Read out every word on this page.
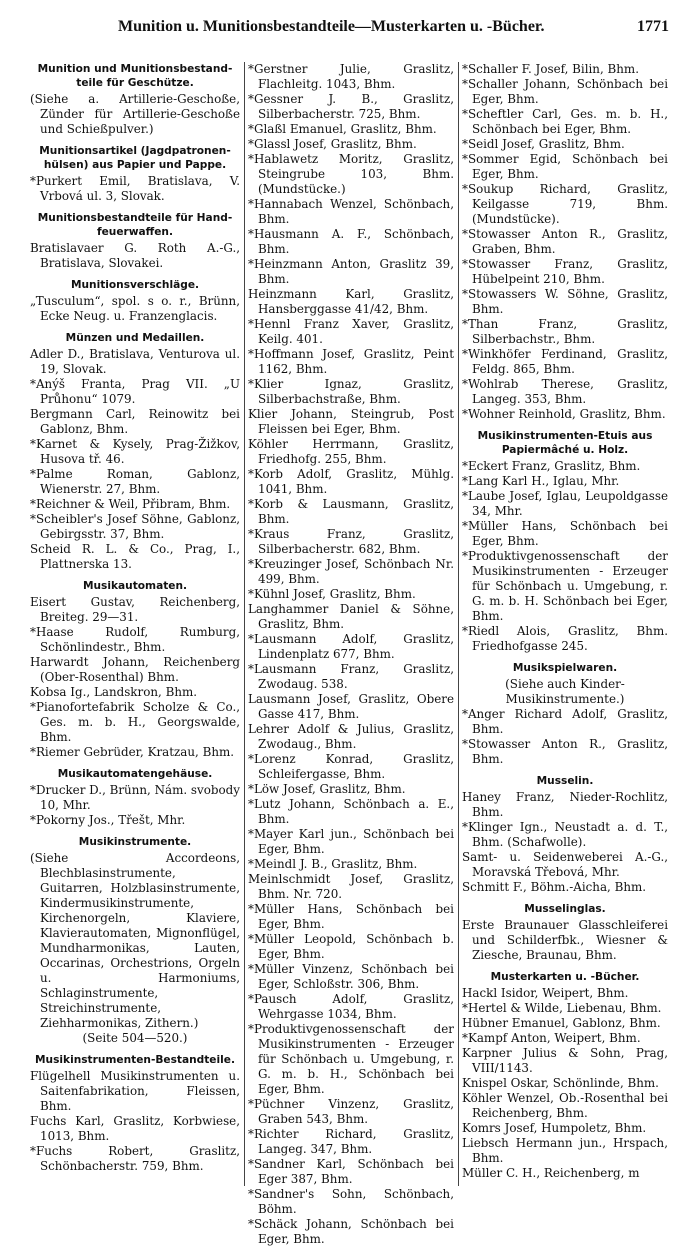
Munition u. Munitionsbestandteile—Musterkarten u. -Bücher.	1771

Munition und Munitionsbestand-
teile für Geschütze.

(Siehe a. Artillerie-Geschoße, Zünder für Artillerie-Geschoße und Schießpulver.)

Munitionsartikel (Jagdpatronen-
hülsen) aus Papier und Pappe.

*Purkert Emil, Bratislava, V. Vrbová ul. 3, Slovak.

Munitionsbestandteile für Hand-
feuerwaffen.

Bratislavaer G. Roth A.-G., Bratislava, Slovakei.

Munitionsverschläge.

„Tusculum“, spol. s o. r., Brünn, Ecke Neug. u. Franzenglacis.

Münzen und Medaillen.

Adler D., Bratislava, Venturova ul. 19, Slovak.

*Anýš Franta, Prag VII. „U Průhonu“ 1079.

Bergmann Carl, Reinowitz bei Gablonz, Bhm.

*Karnet & Kysely, Prag-Žižkov, Husova tř. 46.

*Palme Roman, Gablonz, Wienerstr. 27, Bhm.

*Reichner & Weil, Přibram, Bhm.

*Scheibler's Josef Söhne, Gablonz, Gebirgsstr. 37, Bhm.

Scheid R. L. & Co., Prag, I., Plattnerska 13.

Musikautomaten.

Eisert Gustav, Reichenberg, Breiteg. 29—31.

*Haase Rudolf, Rumburg, Schönlindestr., Bhm.

Harwardt Johann, Reichenberg (Ober-Rosenthal) Bhm.

Kobsa Ig., Landskron, Bhm.

*Pianofortefabrik Scholze & Co., Ges. m. b. H., Georgswalde, Bhm.

*Riemer Gebrüder, Kratzau, Bhm.

Musikautomatengehäuse.

*Drucker D., Brünn, Nám. svobody 10, Mhr.

*Pokorny Jos., Třešt, Mhr.

Musikinstrumente.

(Siehe Accordeons, Blechblasinstrumente, Guitarren, Holzblasinstrumente, Kindermusikinstrumente, Kirchenorgeln, Klaviere, Klavierautomaten, Mignonflügel, Mundharmonikas, Lauten, Occarinas, Orchestrions, Orgeln u. Harmoniums, Schlaginstrumente, Streichinstrumente, Ziehharmonikas, Zithern.)

(Seite 504—520.)

Musikinstrumenten-Bestandteile.

Flügelhell Musikinstrumenten u. Saitenfabrikation, Fleissen, Bhm.

Fuchs Karl, Graslitz, Korbwiese, 1013, Bhm.

*Fuchs Robert, Graslitz, Schönbacherstr. 759, Bhm.

*Gerstner Julie, Graslitz, Flachleitg. 1043, Bhm.

*Gessner J. B., Graslitz, Silberbacherstr. 725, Bhm.

*Glaßl Emanuel, Graslitz, Bhm.

*Glassl Josef, Graslitz, Bhm.

*Hablawetz Moritz, Graslitz, Steingrube 103, Bhm. (Mundstücke.)

*Hannabach Wenzel, Schönbach, Bhm.

*Hausmann A. F., Schönbach, Bhm.

*Heinzmann Anton, Graslitz 39, Bhm.

Heinzmann Karl, Graslitz, Hansberggasse 41/42, Bhm.

*Hennl Franz Xaver, Graslitz, Keilg. 401.

*Hoffmann Josef, Graslitz, Peint 1162, Bhm.

*Klier Ignaz, Graslitz, Silberbachstraße, Bhm.

Klier Johann, Steingrub, Post Fleissen bei Eger, Bhm.

Köhler Herrmann, Graslitz, Friedhofg. 255, Bhm.

*Korb Adolf, Graslitz, Mühlg. 1041, Bhm.

*Korb & Lausmann, Graslitz, Bhm.

*Kraus Franz, Graslitz, Silberbacherstr. 682, Bhm.

*Kreuzinger Josef, Schönbach Nr. 499, Bhm.

*Kühnl Josef, Graslitz, Bhm.

Langhammer Daniel & Söhne, Graslitz, Bhm.

*Lausmann Adolf, Graslitz, Lindenplatz 677, Bhm.

*Lausmann Franz, Graslitz, Zwodaug. 538.

Lausmann Josef, Graslitz, Obere Gasse 417, Bhm.

Lehrer Adolf & Julius, Graslitz, Zwodaug., Bhm.

*Lorenz Konrad, Graslitz, Schleifergasse, Bhm.

*Löw Josef, Graslitz, Bhm.

*Lutz Johann, Schönbach a. E., Bhm.

*Mayer Karl jun., Schönbach bei Eger, Bhm.

*Meindl J. B., Graslitz, Bhm.

Meinlschmidt Josef, Graslitz, Bhm. Nr. 720.

*Müller Hans, Schönbach bei Eger, Bhm.

*Müller Leopold, Schönbach b. Eger, Bhm.

*Müller Vinzenz, Schönbach bei Eger, Schloßstr. 306, Bhm.

*Pausch Adolf, Graslitz, Wehrgasse 1034, Bhm.

*Produktivgenossenschaft der Musikinstrumenten - Erzeuger für Schönbach u. Umgebung, r. G. m. b. H., Schönbach bei Eger, Bhm.

*Püchner Vinzenz, Graslitz, Graben 543, Bhm.

*Richter Richard, Graslitz, Langeg. 347, Bhm.

*Sandner Karl, Schönbach bei Eger 387, Bhm.

*Sandner's Sohn, Schönbach, Böhm.

*Schäck Johann, Schönbach bei Eger, Bhm.

*Schaller F. Josef, Bilin, Bhm.

*Schaller Johann, Schönbach bei Eger, Bhm.

*Scheftler Carl, Ges. m. b. H., Schönbach bei Eger, Bhm.

*Seidl Josef, Graslitz, Bhm.

*Sommer Egid, Schönbach bei Eger, Bhm.

*Soukup Richard, Graslitz, Keilgasse 719, Bhm. (Mundstücke).

*Stowasser Anton R., Graslitz, Graben, Bhm.

*Stowasser Franz, Graslitz, Hübelpeint 210, Bhm.

*Stowassers W. Söhne, Graslitz, Bhm.

*Than Franz, Graslitz, Silberbachstr., Bhm.

*Winkhöfer Ferdinand, Graslitz, Feldg. 865, Bhm.

*Wohlrab Therese, Graslitz, Langeg. 353, Bhm.

*Wohner Reinhold, Graslitz, Bhm.

Musikinstrumenten-Etuis aus
Papiermâché u. Holz.

*Eckert Franz, Graslitz, Bhm.

*Lang Karl H., Iglau, Mhr.

*Laube Josef, Iglau, Leupoldgasse 34, Mhr.

*Müller Hans, Schönbach bei Eger, Bhm.

*Produktivgenossenschaft der Musikinstrumenten - Erzeuger für Schönbach u. Umgebung, r. G. m. b. H. Schönbach bei Eger, Bhm.

*Riedl Alois, Graslitz, Bhm. Friedhofgasse 245.

Musikspielwaren.

(Siehe auch Kinder-Musikinstrumente.)

*Anger Richard Adolf, Graslitz, Bhm.

*Stowasser Anton R., Graslitz, Bhm.

Musselin.

Haney Franz, Nieder-Rochlitz, Bhm.

*Klinger Ign., Neustadt a. d. T., Bhm. (Schafwolle).

Samt- u. Seidenweberei A.-G., Moravská Třebová, Mhr.

Schmitt F., Böhm.-Aicha, Bhm.

Musselinglas.

Erste Braunauer Glasschleiferei und Schilderfbk., Wiesner & Ziesche, Braunau, Bhm.

Musterkarten u. -Bücher.

Hackl Isidor, Weipert, Bhm.

*Hertel & Wilde, Liebenau, Bhm.

Hübner Emanuel, Gablonz, Bhm.

*Kampf Anton, Weipert, Bhm.

Karpner Julius & Sohn, Prag, VIII/1143.

Knispel Oskar, Schönlinde, Bhm.

Köhler Wenzel, Ob.-Rosenthal bei Reichenberg, Bhm.

Komrs Josef, Humpoletz, Bhm.

Liebsch Hermann jun., Hrspach, Bhm.

Müller C. H., Reichenberg, m
